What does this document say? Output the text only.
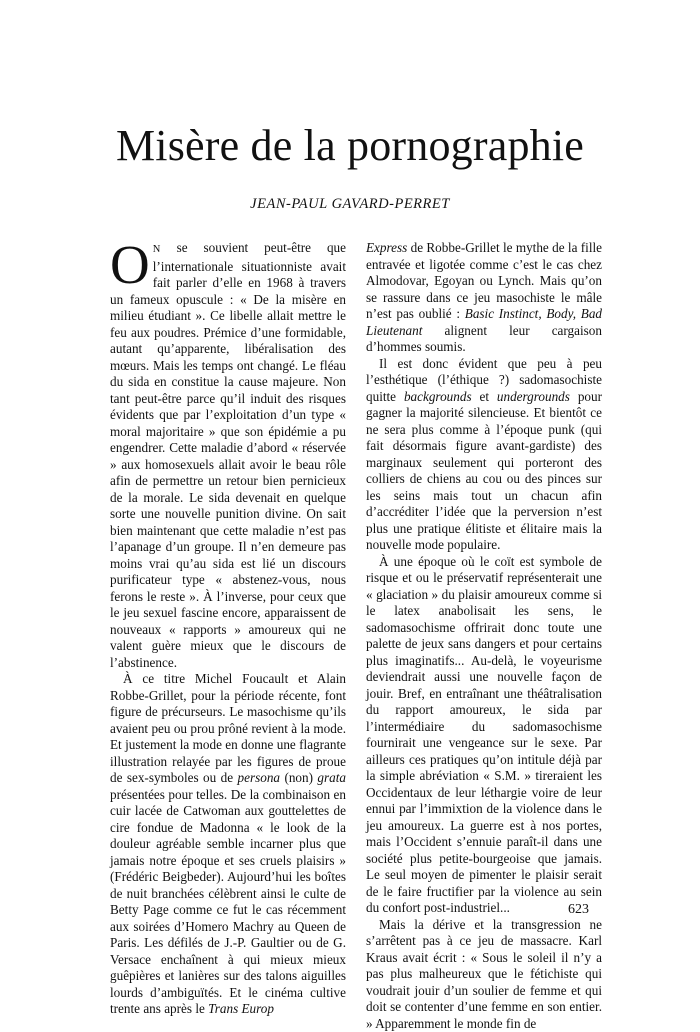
Misère de la pornographie
JEAN-PAUL GAVARD-PERRET

O N se souvient peut-être que l’internationale situationniste avait fait parler d’elle en 1968 à travers un fameux opuscule : « De la misère en milieu étudiant ». Ce libelle allait mettre le feu aux poudres. Prémice d’une formidable, autant qu’apparente, libéralisation des mœurs. Mais les temps ont changé. Le fléau du sida en constitue la cause majeure. Non tant peut-être parce qu’il induit des risques évidents que par l’exploitation d’un type « moral majoritaire » que son épidémie a pu engendrer. Cette maladie d’abord « réservée » aux homosexuels allait avoir le beau rôle afin de permettre un retour bien pernicieux de la morale. Le sida devenait en quelque sorte une nouvelle punition divine. On sait bien maintenant que cette maladie n’est pas l’apanage d’un groupe. Il n’en demeure pas moins vrai qu’au sida est lié un discours purificateur type « abstenez-vous, nous ferons le reste ». À l’inverse, pour ceux que le jeu sexuel fascine encore, apparaissent de nouveaux « rapports » amoureux qui ne valent guère mieux que le discours de l’abstinence.

À ce titre Michel Foucault et Alain Robbe-Grillet, pour la période récente, font figure de précurseurs. Le masochisme qu’ils avaient peu ou prou prôné revient à la mode. Et justement la mode en donne une flagrante illustration relayée par les figures de proue de sex-symboles ou de persona (non) grata présentées pour telles. De la combinaison en cuir lacée de Catwoman aux gouttelettes de cire fondue de Madonna « le look de la douleur agréable semble incarner plus que jamais notre époque et ses cruels plaisirs » (Frédéric Beigbeder). Aujourd’hui les boîtes de nuit branchées célèbrent ainsi le culte de Betty Page comme ce fut le cas récemment aux soirées d’Homero Machry au Queen de Paris. Les défilés de J.-P. Gaultier ou de G. Versace enchaînent à qui mieux mieux guêpières et lanières sur des talons aiguilles lourds d’ambiguïtés. Et le cinéma cultive trente ans après le Trans Europ

Express de Robbe-Grillet le mythe de la fille entravée et ligotée comme c’est le cas chez Almodovar, Egoyan ou Lynch. Mais qu’on se rassure dans ce jeu masochiste le mâle n’est pas oublié : Basic Instinct, Body, Bad Lieutenant alignent leur cargaison d’hommes soumis.

Il est donc évident que peu à peu l’esthétique (l’éthique ?) sadomasochiste quitte backgrounds et undergrounds pour gagner la majorité silencieuse. Et bientôt ce ne sera plus comme à l’époque punk (qui fait désormais figure avant-gardiste) des marginaux seulement qui porteront des colliers de chiens au cou ou des pinces sur les seins mais tout un chacun afin d’accréditer l’idée que la perversion n’est plus une pratique élitiste et élitaire mais la nouvelle mode populaire.

À une époque où le coït est symbole de risque et ou le préservatif représenterait une « glaciation » du plaisir amoureux comme si le latex anabolisait les sens, le sadomasochisme offrirait donc toute une palette de jeux sans dangers et pour certains plus imaginatifs... Au-delà, le voyeurisme deviendrait aussi une nouvelle façon de jouir. Bref, en entraînant une théâtralisation du rapport amoureux, le sida par l’intermédiaire du sadomasochisme fournirait une vengeance sur le sexe. Par ailleurs ces pratiques qu’on intitule déjà par la simple abréviation « S.M. » tireraient les Occidentaux de leur léthargie voire de leur ennui par l’immixtion de la violence dans le jeu amoureux. La guerre est à nos portes, mais l’Occident s’ennuie paraît-il dans une société plus petite-bourgeoise que jamais. Le seul moyen de pimenter le plaisir serait de le faire fructifier par la violence au sein du confort post-industriel...

Mais la dérive et la transgression ne s’arrêtent pas à ce jeu de massacre. Karl Kraus avait écrit : « Sous le soleil il n’y a pas plus malheureux que le fétichiste qui voudrait jouir d’un soulier de femme et qui doit se contenter d’une femme en son entier. » Apparemment le monde fin de

623
